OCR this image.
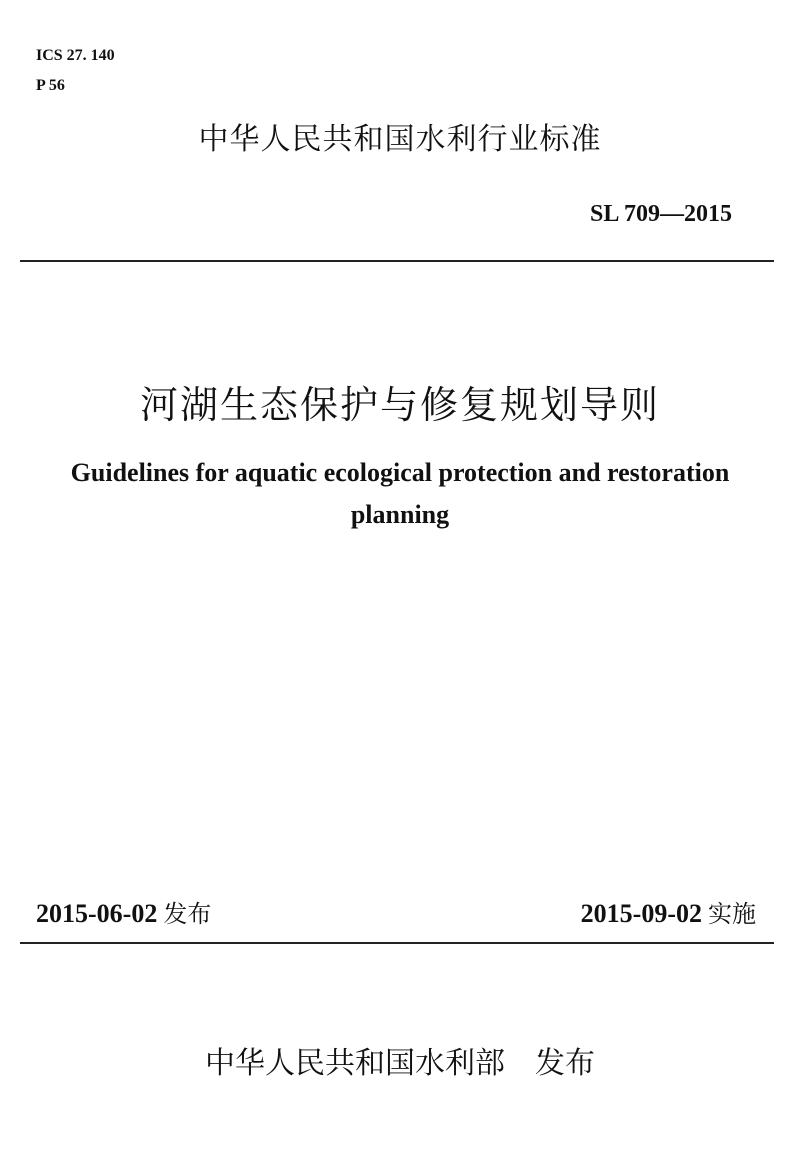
ICS 27. 140
P 56
中华人民共和国水利行业标准
SL 709—2015
河湖生态保护与修复规划导则
Guidelines for aquatic ecological protection and restoration planning
2015-06-02 发布	2015-09-02 实施
中华人民共和国水利部　发布
